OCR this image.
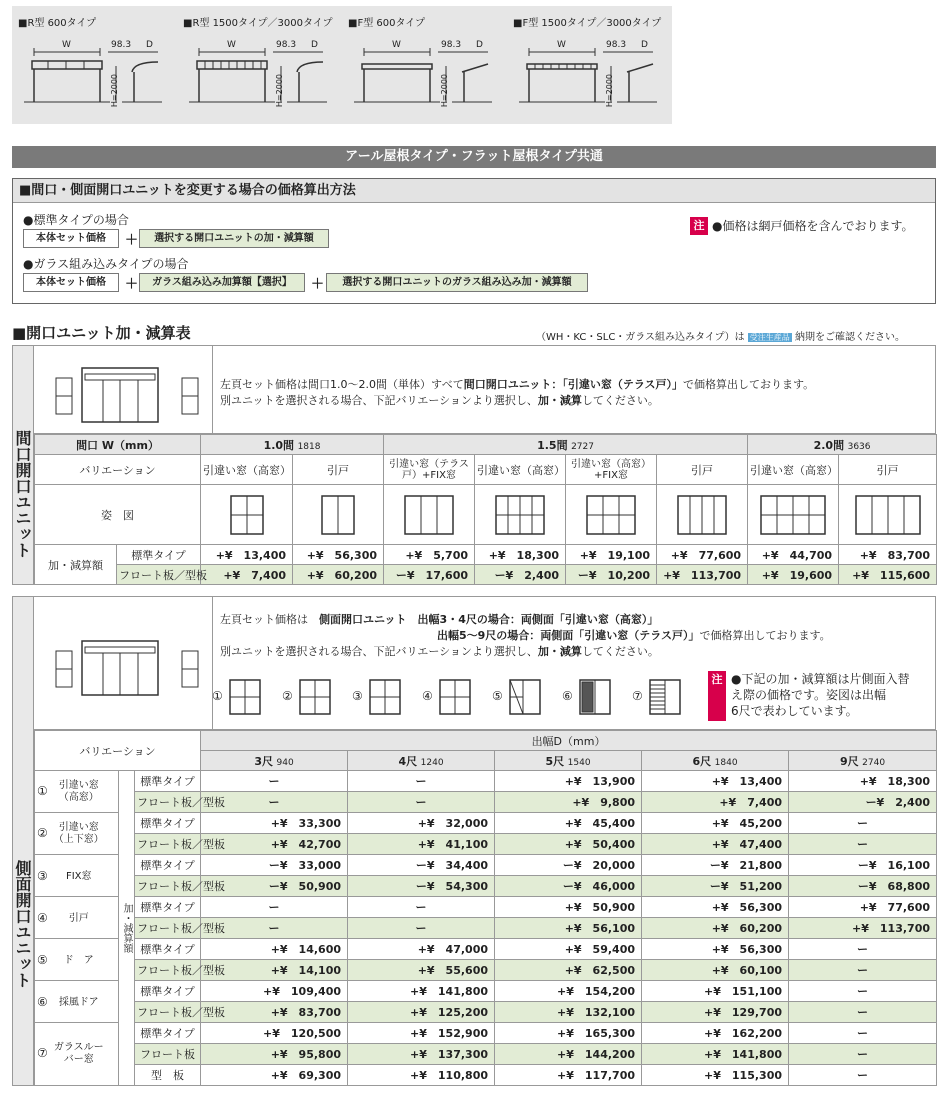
■R型 600タイプ	■R型 1500タイプ／3000タイプ ■F型 600タイプ	■F型 1500タイプ／3000タイプ
W	98.3 D
H=2000
W	98.3 D
H=2000
W	98.3 D
H=2000
W	98.3 D
H=2000
アール屋根タイプ・フラット屋根タイプ共通
■間口・側面開口ユニットを変更する場合の価格算出方法
●標準タイプの場合
本体セット価格	＋	選択する開口ユニットの加・減算額
●ガラス組み込みタイプの場合
本体セット価格	＋	ガラス組み込み加算額【選択】	＋	選択する開口ユニットのガラス組み込み加・減算額
注 ●価格は網戸価格を含んでおります。
■開口ユニット加・減算表	（WH・KC・SLC・ガラス組み込みタイプ）は 受注生産品 納期をご確認ください。
間口開口ユニット
左頁セット価格は間口1.0～2.0間（単体）すべて間口開口ユニット：「引違い窓（テラス戸）」で価格算出しております。
別ユニットを選択される場合、下記バリエーションより選択し、加・減算してください。
間口 W（mm）		1.0間 1818		1.5間 2727				2.0間 3636	
バリエーション		引違い窓（高窓）	引戸	引違い窓（テラス戸）+FIX窓	引違い窓（高窓）	引違い窓（高窓）+FIX窓	引戸	引違い窓（高窓）	引戸
姿　図	

加・減算額	標準タイプ	+¥　13,400	+¥　56,300	+¥　5,700	+¥　18,300	+¥　19,100	+¥　77,600	+¥　44,700	+¥　83,700
	フロート板／型板	+¥　7,400	+¥　60,200	ー¥　17,600	ー¥　2,400	ー¥　10,200	+¥　113,700	+¥　19,600	+¥　115,600
側面開口ユニット
左頁セット価格は　 側面開口ユニット　出幅3・4尺の場合：両側面「引違い窓（高窓）」
出幅5～9尺の場合：両側面「引違い窓（テラス戸）」で価格算出しております。
別ユニットを選択される場合、下記バリエーションより選択し、加・減算してください。
①	②	③	④	⑤	⑥	⑦
注 ●下記の加・減算額は片側面入替
え際の価格です。姿図は出幅
6尺で表わしています。
バリエーション			出幅D（mm）				
			3尺 940	4尺 1240	5尺 1540	6尺 1840	9尺 2740
① 引違い窓（高窓）	加・減算額	標準タイプ	ー	ー	+¥　13,900	+¥　13,400	+¥　18,300
		フロート板／型板	ー	ー	+¥　9,800	+¥　7,400	ー¥　2,400
② 引違い窓（上下窓）		標準タイプ	+¥　33,300	+¥　32,000	+¥　45,400	+¥　45,200	ー
		フロート板／型板	+¥　42,700	+¥　41,100	+¥　50,400	+¥　47,400	ー
③ FIX窓		標準タイプ	ー¥　33,000	ー¥　34,400	ー¥　20,000	ー¥　21,800	ー¥　16,100
		フロート板／型板	ー¥　50,900	ー¥　54,300	ー¥　46,000	ー¥　51,200	ー¥　68,800
④ 引戸		標準タイプ	ー	ー	+¥　50,900	+¥　56,300	+¥　77,600
		フロート板／型板	ー	ー	+¥　56,100	+¥　60,200	+¥　113,700
⑤ ド　ア		標準タイプ	+¥　14,600	+¥　47,000	+¥　59,400	+¥　56,300	ー
		フロート板／型板	+¥　14,100	+¥　55,600	+¥　62,500	+¥　60,100	ー
⑥ 採風ドア		標準タイプ	+¥　109,400	+¥　141,800	+¥　154,200	+¥　151,100	ー
		フロート板／型板	+¥　83,700	+¥　125,200	+¥　132,100	+¥　129,700	ー
⑦ ガラスルーバー窓		標準タイプ	+¥　120,500	+¥　152,900	+¥　165,300	+¥　162,200	ー
		フロート板	+¥　95,800	+¥　137,300	+¥　144,200	+¥　141,800	ー
		型　板	+¥　69,300	+¥　110,800	+¥　117,700	+¥　115,300	ー
